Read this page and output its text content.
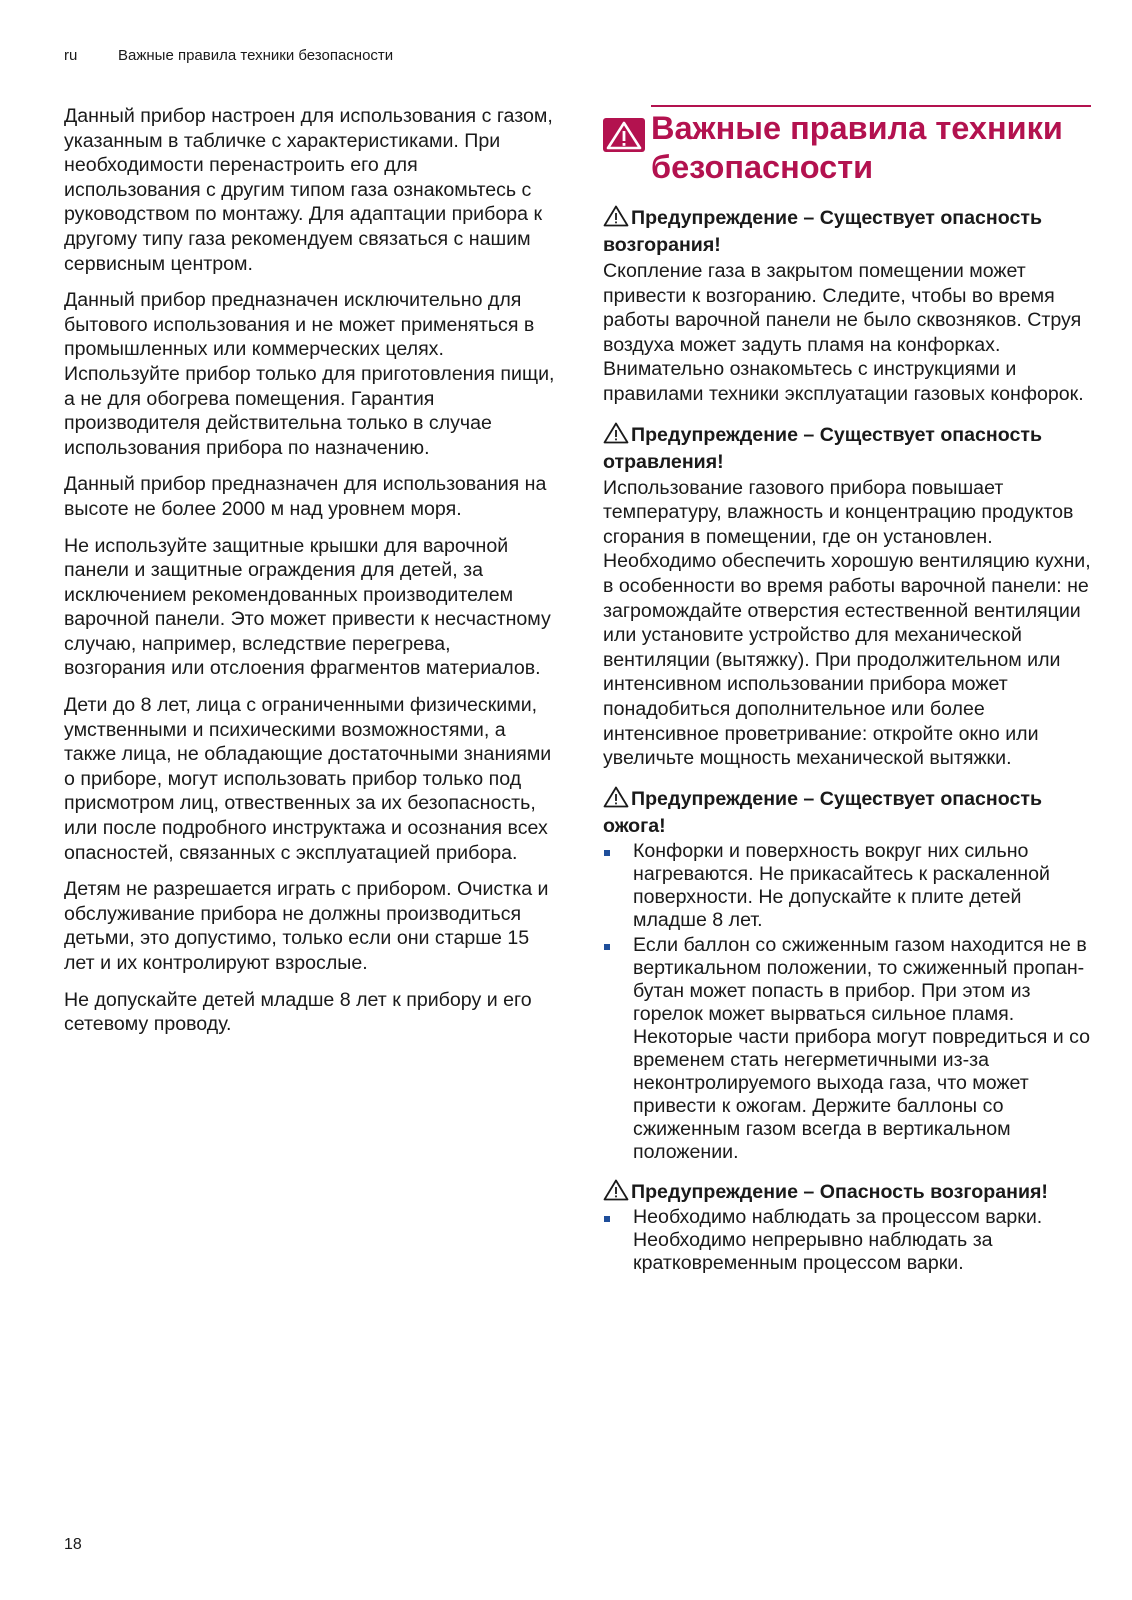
ru	Важные правила техники безопасности

Данный прибор настроен для использования с газом, указанным в табличке с характеристиками. При необходимости перенастроить его для использования с другим типом газа ознакомьтесь с руководством по монтажу. Для адаптации прибора к другому типу газа рекомендуем связаться с нашим сервисным центром.

Данный прибор предназначен исключительно для бытового использования и не может применяться в промышленных или коммерческих целях. Используйте прибор только для приготовления пищи, а не для обогрева помещения. Гарантия производителя действительна только в случае использования прибора по назначению.

Данный прибор предназначен для использования на высоте не более 2000 м над уровнем моря.

Не используйте защитные крышки для варочной панели и защитные ограждения для детей, за исключением рекомендованных производителем варочной панели. Это может привести к несчастному случаю, например, вследствие перегрева, возгорания или отслоения фрагментов материалов.

Дети до 8 лет, лица с ограниченными физическими, умственными и психическими возможностями, а также лица, не обладающие достаточными знаниями о приборе, могут использовать прибор только под присмотром лиц, отвественных за их безопасность, или после подробного инструктажа и осознания всех опасностей, связанных с эксплуатацией прибора.

Детям не разрешается играть с прибором. Очистка и обслуживание прибора не должны производиться детьми, это допустимо, только если они старше 15 лет и их контролируют взрослые.

Не допускайте детей младше 8 лет к прибору и его сетевому проводу.

Важные правила техники безопасности

Предупреждение – Существует опасность возгорания!

Скопление газа в закрытом помещении может привести к возгоранию. Следите, чтобы во время работы варочной панели не было сквозняков. Струя воздуха может задуть пламя на конфорках. Внимательно ознакомьтесь с инструкциями и правилами техники эксплуатации газовых конфорок.

Предупреждение – Существует опасность отравления!

Использование газового прибора повышает температуру, влажность и концентрацию продуктов сгорания в помещении, где он установлен. Необходимо обеспечить хорошую вентиляцию кухни, в особенности во время работы варочной панели: не загромождайте отверстия естественной вентиляции или установите устройство для механической вентиляции (вытяжку). При продолжительном или интенсивном использовании прибора может понадобиться дополнительное или более интенсивное проветривание: откройте окно или увеличьте мощность механической вытяжки.

Предупреждение – Существует опасность ожога!

Конфорки и поверхность вокруг них сильно нагреваются. Не прикасайтесь к раскаленной поверхности. Не допускайте к плите детей младше 8 лет.
Если баллон со сжиженным газом находится не в вертикальном положении, то сжиженный пропан-бутан может попасть в прибор. При этом из горелок может вырваться сильное пламя. Некоторые части прибора могут повредиться и со временем стать негерметичными из-за неконтролируемого выхода газа, что может привести к ожогам. Держите баллоны со сжиженным газом всегда в вертикальном положении.

Предупреждение – Опасность возгорания!

Необходимо наблюдать за процессом варки. Необходимо непрерывно наблюдать за кратковременным процессом варки.
18
